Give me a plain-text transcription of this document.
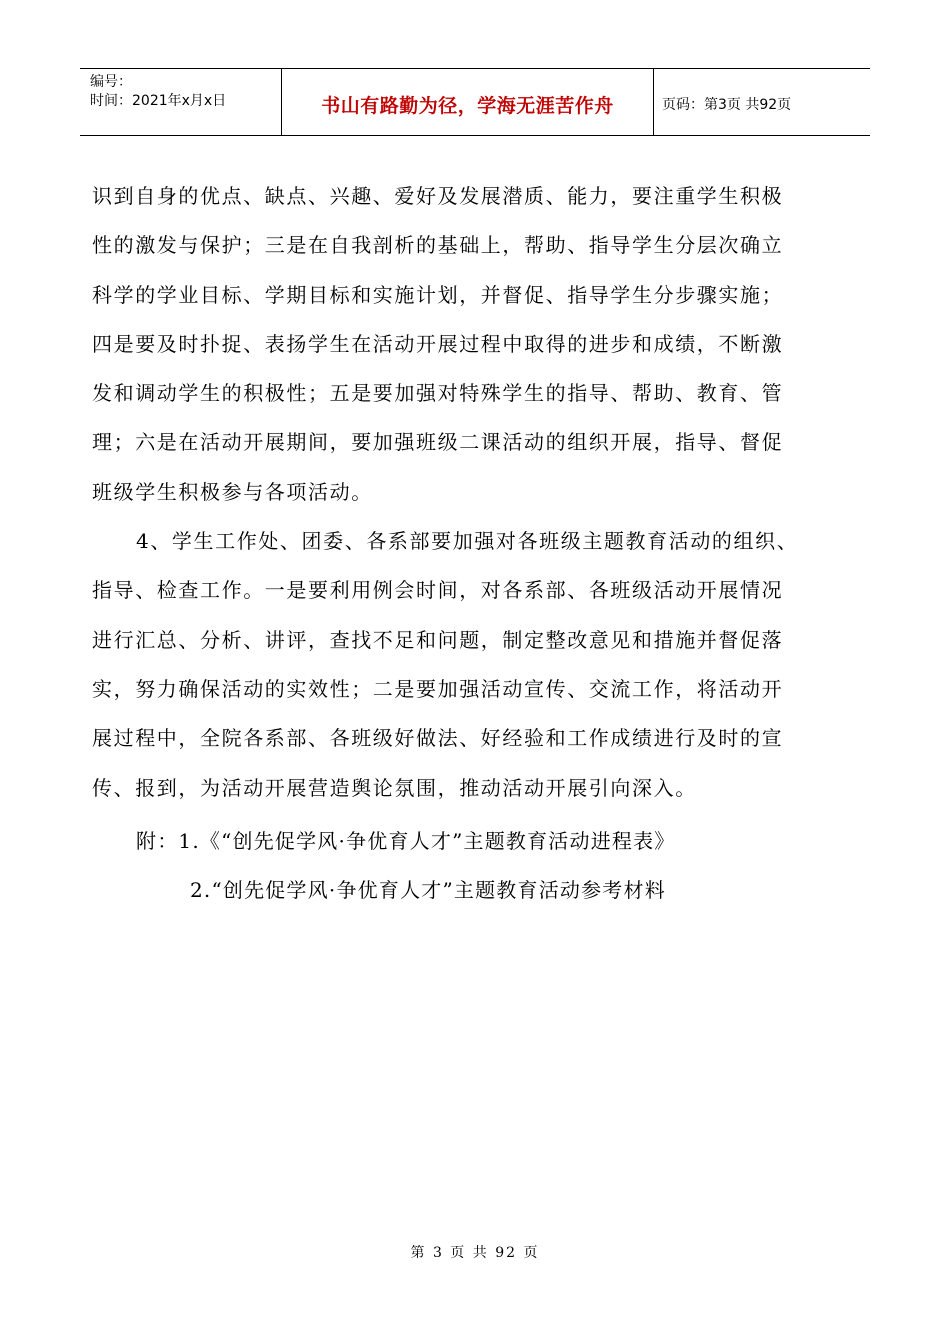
编号：
时间：2021年x月x日	书山有路勤为径，学海无涯苦作舟	页码：第3页 共92页

识到自身的优点、缺点、兴趣、爱好及发展潜质、能力，要注重学生积极
性的激发与保护；三是在自我剖析的基础上，帮助、指导学生分层次确立
科学的学业目标、学期目标和实施计划，并督促、指导学生分步骤实施；
四是要及时扑捉、表扬学生在活动开展过程中取得的进步和成绩，不断激
发和调动学生的积极性；五是要加强对特殊学生的指导、帮助、教育、管
理；六是在活动开展期间，要加强班级二课活动的组织开展，指导、督促
班级学生积极参与各项活动。

4、学生工作处、团委、各系部要加强对各班级主题教育活动的组织、
指导、检查工作。一是要利用例会时间，对各系部、各班级活动开展情况
进行汇总、分析、讲评，查找不足和问题，制定整改意见和措施并督促落
实，努力确保活动的实效性；二是要加强活动宣传、交流工作，将活动开
展过程中，全院各系部、各班级好做法、好经验和工作成绩进行及时的宣
传、报到，为活动开展营造舆论氛围，推动活动开展引向深入。

附：1.《“创先促学风·争优育人才”主题教育活动进程表》
2.“创先促学风·争优育人才”主题教育活动参考材料
第 3 页 共 92 页
